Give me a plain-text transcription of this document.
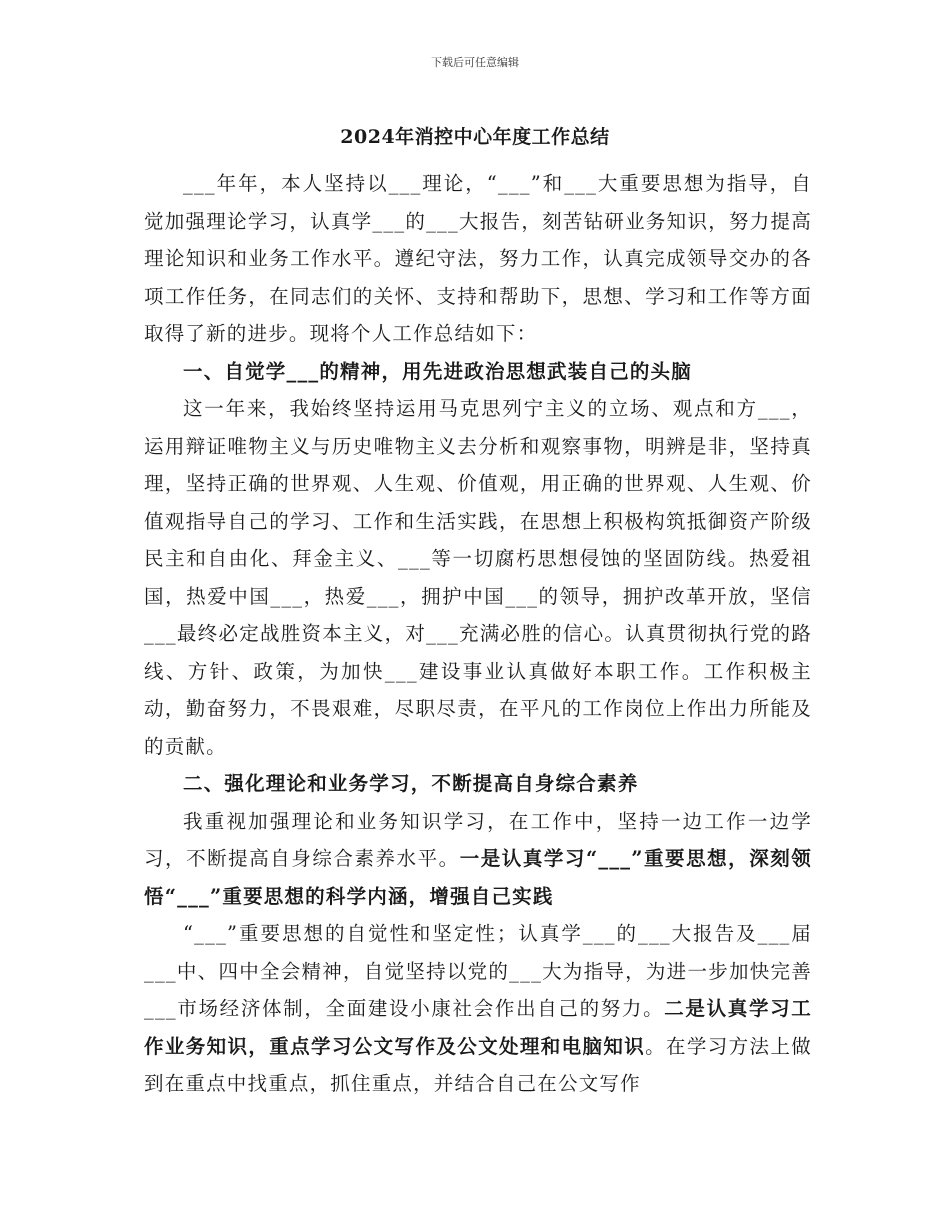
下载后可任意编辑
2024年消控中心年度工作总结

___年年，本人坚持以___理论，“___”和___大重要思想为指导，自觉加强理论学习，认真学___的___大报告，刻苦钻研业务知识，努力提高理论知识和业务工作水平。遵纪守法，努力工作，认真完成领导交办的各项工作任务，在同志们的关怀、支持和帮助下，思想、学习和工作等方面取得了新的进步。现将个人工作总结如下：

一、自觉学___的精神，用先进政治思想武装自己的头脑

这一年来，我始终坚持运用马克思列宁主义的立场、观点和方___，运用辩证唯物主义与历史唯物主义去分析和观察事物，明辨是非，坚持真理，坚持正确的世界观、人生观、价值观，用正确的世界观、人生观、价值观指导自己的学习、工作和生活实践，在思想上积极构筑抵御资产阶级民主和自由化、拜金主义、___等一切腐朽思想侵蚀的坚固防线。热爱祖国，热爱中国___，热爱___，拥护中国___的领导，拥护改革开放，坚信___最终必定战胜资本主义，对___充满必胜的信心。认真贯彻执行党的路线、方针、政策，为加快___建设事业认真做好本职工作。工作积极主动，勤奋努力，不畏艰难，尽职尽责，在平凡的工作岗位上作出力所能及的贡献。

二、强化理论和业务学习，不断提高自身综合素养

我重视加强理论和业务知识学习，在工作中，坚持一边工作一边学习，不断提高自身综合素养水平。一是认真学习“___”重要思想，深刻领悟“___”重要思想的科学内涵，增强自己实践

“___”重要思想的自觉性和坚定性；认真学___的___大报告及___届___中、四中全会精神，自觉坚持以党的___大为指导，为进一步加快完善___市场经济体制，全面建设小康社会作出自己的努力。二是认真学习工作业务知识，重点学习公文写作及公文处理和电脑知识。在学习方法上做到在重点中找重点，抓住重点，并结合自己在公文写作
